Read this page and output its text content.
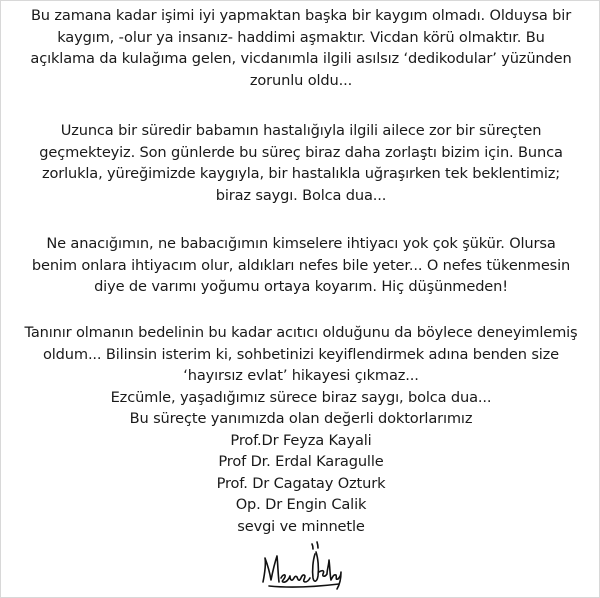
Bu zamana kadar işimi iyi yapmaktan başka bir kaygım olmadı. Olduysa bir
kaygım, -olur ya insanız- haddimi aşmaktır. Vicdan körü olmaktır. Bu
açıklama da kulağıma gelen, vicdanımla ilgili asılsız ‘dedikodular’ yüzünden
zorunlu oldu...
Uzunca bir süredir babamın hastalığıyla ilgili ailece zor bir süreçten
geçmekteyiz. Son günlerde bu süreç biraz daha zorlaştı bizim için. Bunca
zorlukla, yüreğimizde kaygıyla, bir hastalıkla uğraşırken tek beklentimiz;
biraz saygı. Bolca dua...
Ne anacığımın, ne babacığımın kimselere ihtiyacı yok çok şükür. Olursa
benim onlara ihtiyacım olur, aldıkları nefes bile yeter... O nefes tükenmesin
diye de varımı yoğumu ortaya koyarım. Hiç düşünmeden!
Tanınır olmanın bedelinin bu kadar acıtıcı olduğunu da böylece deneyimlemiş
oldum... Bilinsin isterim ki, sohbetinizi keyiflendirmek adına benden size
‘hayırsız evlat’ hikayesi çıkmaz...
Ezcümle, yaşadığımız sürece biraz saygı, bolca dua...
Bu süreçte yanımızda olan değerli doktorlarımız
Prof.Dr Feyza Kayali
Prof Dr. Erdal Karagulle
Prof. Dr Cagatay Ozturk
Op. Dr Engin Calik
sevgi ve minnetle
